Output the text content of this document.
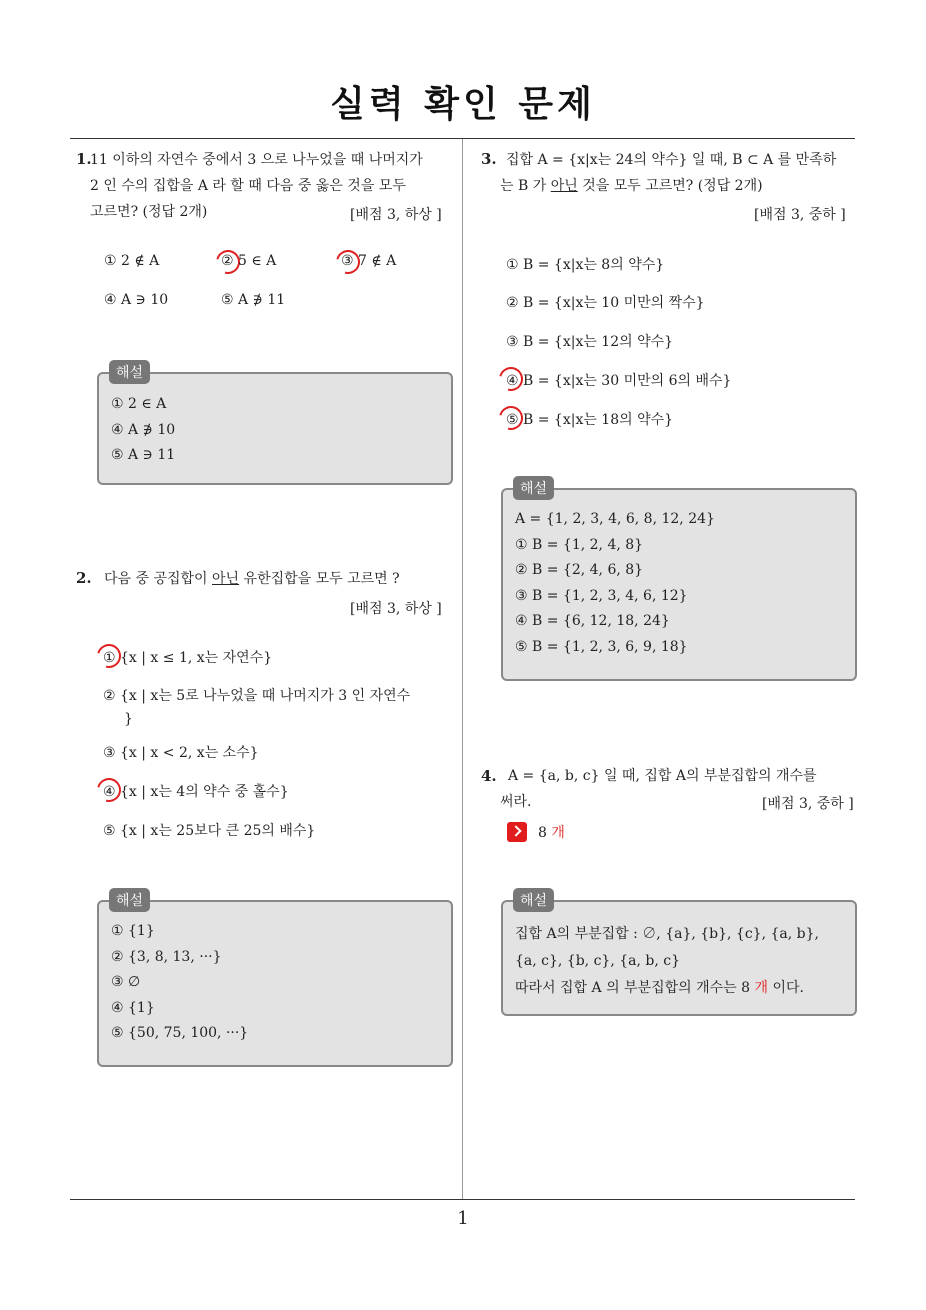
실력 확인 문제
1.
11 이하의 자연수 중에서 3 으로 나누었을 때 나머지가
2 인 수의 집합을 A 라 할 때 다음 중 옳은 것을 모두
고르면? (정답 2개)	[배점 3, 하상 ]
① 2 ∉ A	② 5 ∈ A	③ 7 ∉ A
④ A ∋ 10	⑤ A ∌ 11
해설
① 2 ∈ A
④ A ∌ 10
⑤ A ∋ 11
2. 다음 중 공집합이 아닌 유한집합을 모두 고르면 ?
[배점 3, 하상 ]
① {x | x ≤ 1, x는 자연수}
② {x | x는 5로 나누었을 때 나머지가 3 인 자연수
}
③ {x | x < 2, x는 소수}
④ {x | x는 4의 약수 중 홀수}
⑤ {x | x는 25보다 큰 25의 배수}
해설
① {1}
② {3, 8, 13, ···}
③ ∅
④ {1}
⑤ {50, 75, 100, ···}
3. 집합 A = {x|x는 24의 약수} 일 때, B ⊂ A 를 만족하
는 B 가 아닌 것을 모두 고르면? (정답 2개)
[배점 3, 중하 ]
① B = {x|x는 8의 약수}
② B = {x|x는 10 미만의 짝수}
③ B = {x|x는 12의 약수}
④ B = {x|x는 30 미만의 6의 배수}
⑤ B = {x|x는 18의 약수}
해설
A = {1, 2, 3, 4, 6, 8, 12, 24}
① B = {1, 2, 4, 8}
② B = {2, 4, 6, 8}
③ B = {1, 2, 3, 4, 6, 12}
④ B = {6, 12, 18, 24}
⑤ B = {1, 2, 3, 6, 9, 18}
4. A = {a, b, c} 일 때, 집합 A의 부분집합의 개수를
써라.	[배점 3, 중하 ]
8 개
해설
집합 A의 부분집합 : ∅, {a}, {b}, {c}, {a, b},
{a, c}, {b, c}, {a, b, c}
따라서 집합 A 의 부분집합의 개수는 8 개 이다.
1
